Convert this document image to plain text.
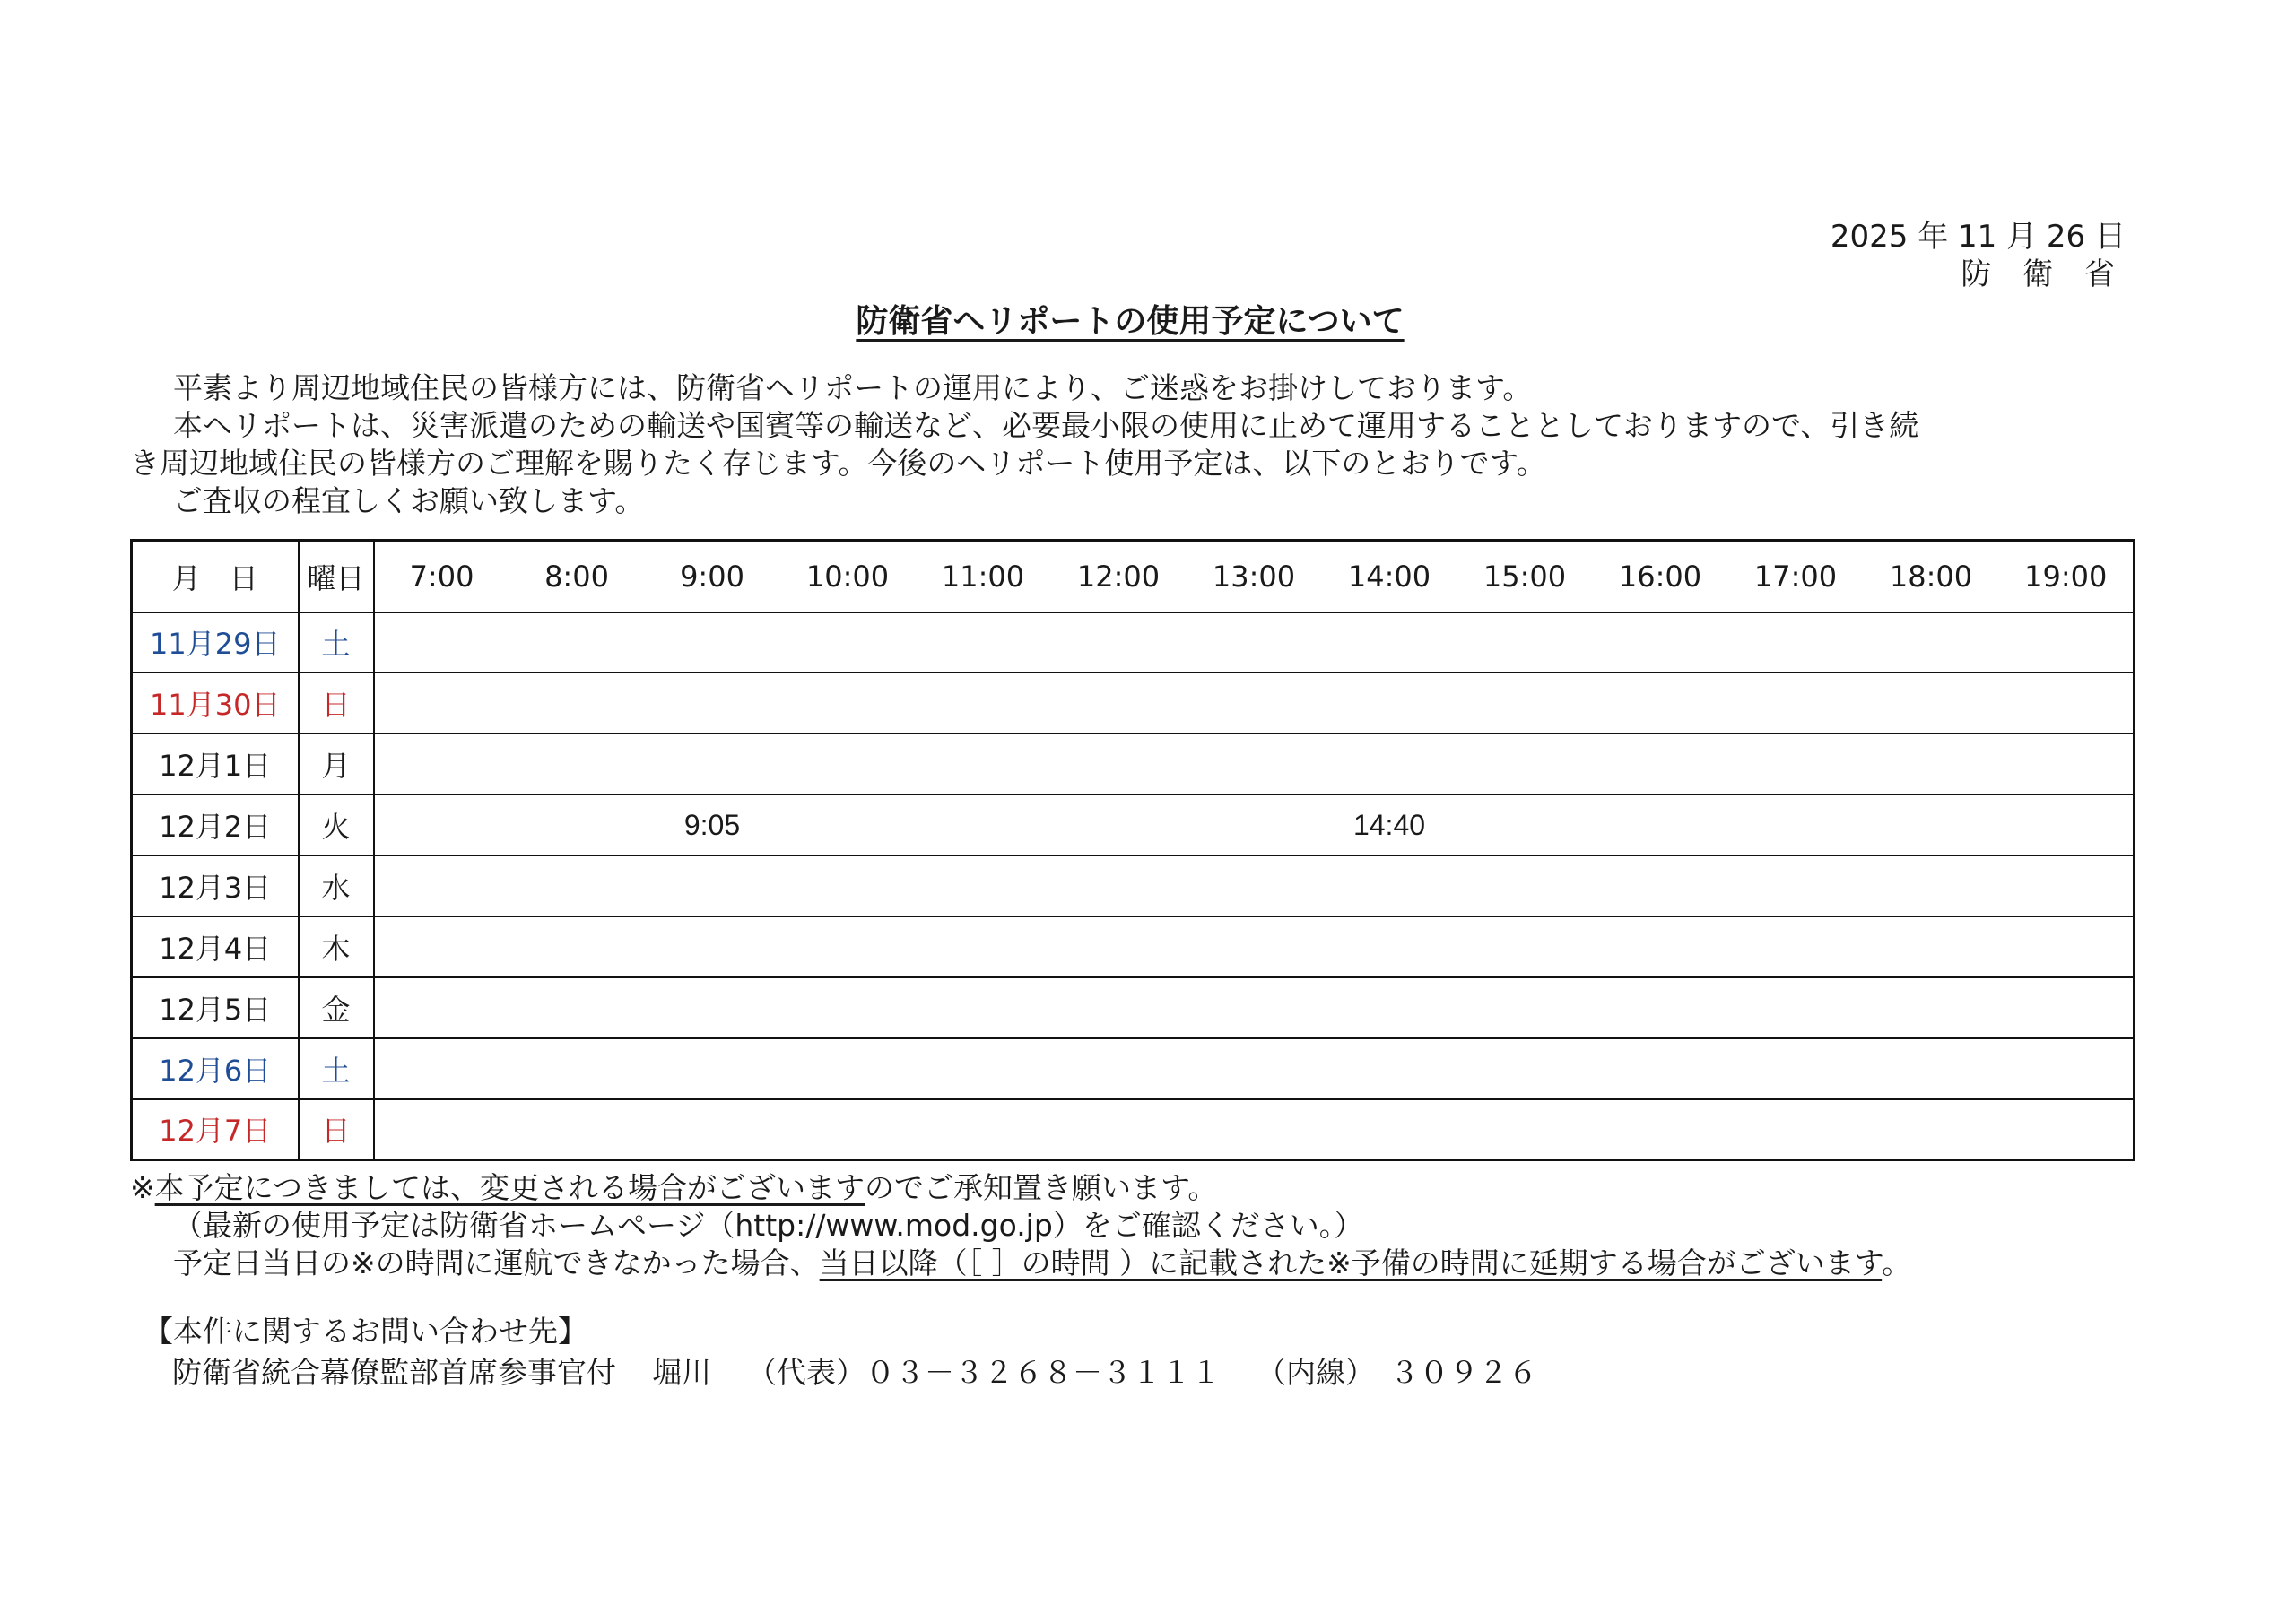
2025 年 11 月 26 日
防 衛 省
防衛省ヘリポートの使用予定について

平素より周辺地域住民の皆様方には、防衛省ヘリポートの運用により、ご迷惑をお掛けしております。

本ヘリポートは、災害派遣のための輸送や国賓等の輸送など、必要最小限の使用に止めて運用することとしておりますので、引き続

き周辺地域住民の皆様方のご理解を賜りたく存じます。今後のヘリポート使用予定は、以下のとおりです。

ご査収の程宜しくお願い致します。

月　日	曜日	7:00	8:00	9:00	10:00	11:00	12:00	13:00	14:00	15:00	16:00	17:00	18:00	19:00
11月29日	土													
11月30日	日													
12月1日	月													
12月2日	火			9:05					14:40					
12月3日	水													
12月4日	木													
12月5日	金													
12月6日	土													
12月7日	日													

※本予定につきましては、変更される場合がございますのでご承知置き願います。

（最新の使用予定は防衛省ホームページ（http://www.mod.go.jp）をご確認ください。）

予定日当日の※の時間に運航できなかった場合、当日以降（［ ］の時間 ）に記載された※予備の時間に延期する場合がございます。

【本件に関するお問い合わせ先】

防衛省統合幕僚監部首席参事官付 堀川 （代表）０３－３２６８－３１１１ （内線）　３０９２６
